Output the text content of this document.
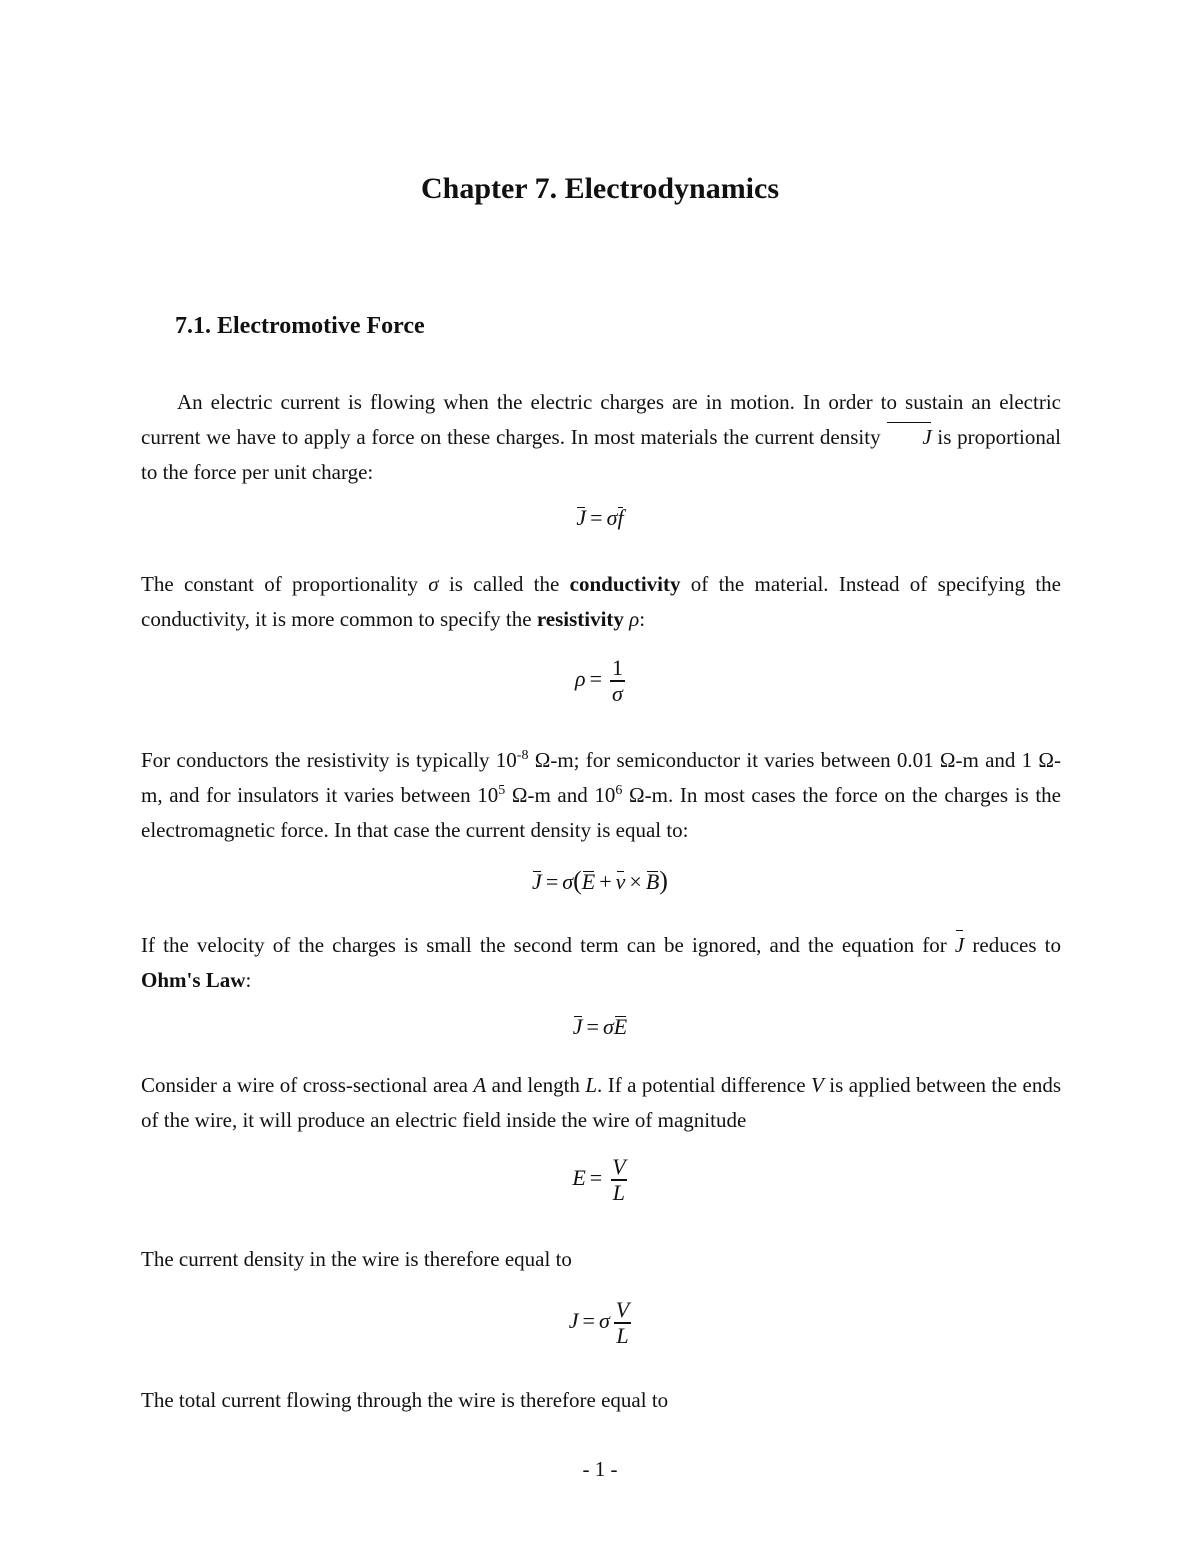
Chapter 7. Electrodynamics
7.1. Electromotive Force

An electric current is flowing when the electric charges are in motion. In order to sustain an electric current we have to apply a force on these charges. In most materials the current density J is proportional to the force per unit charge:

J = σf

The constant of proportionality σ is called the conductivity of the material. Instead of specifying the conductivity, it is more common to specify the resistivity ρ:

$\rho = \frac{1}{\sigma}$

For conductors the resistivity is typically $10^{-8}$ Ω-m; for semiconductor it varies between 0.01 Ω-m and 1 Ω-m, and for insulators it varies between $10^5$ Ω-m and $10^6$ Ω-m. In most cases the force on the charges is the electromagnetic force. In that case the current density is equal to:

J = σ(E + v × B)

If the velocity of the charges is small the second term can be ignored, and the equation for J reduces to Ohm's Law:

J = σE

Consider a wire of cross-sectional area A and length L. If a potential difference V is applied between the ends of the wire, it will produce an electric field inside the wire of magnitude

$E = \frac{V}{L}$

The current density in the wire is therefore equal to

J = σ $\frac{V}{L}$

The total current flowing through the wire is therefore equal to

- 1 -
